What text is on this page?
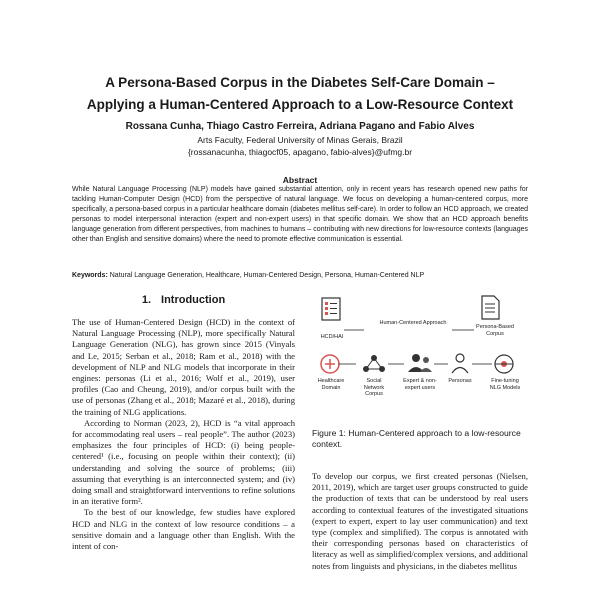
A Persona-Based Corpus in the Diabetes Self-Care Domain –
Applying a Human-Centered Approach to a Low-Resource Context
Rossana Cunha, Thiago Castro Ferreira, Adriana Pagano and Fabio Alves
Arts Faculty, Federal University of Minas Gerais, Brazil
{rossanacunha, thiagocf05, apagano, fabio-alves}@ufmg.br
Abstract
While Natural Language Processing (NLP) models have gained substantial attention, only in recent years has research opened new paths for tackling Human-Computer Design (HCD) from the perspective of natural language. We focus on developing a human-centered corpus, more specifically, a persona-based corpus in a particular healthcare domain (diabetes mellitus self-care). In order to follow an HCD approach, we created personas to model interpersonal interaction (expert and non-expert users) in that specific domain. We show that an HCD approach benefits language generation from different perspectives, from machines to humans – contributing with new directions for low-resource contexts (languages other than English and sensitive domains) where the need to promote effective communication is essential.
Keywords: Natural Language Generation, Healthcare, Human-Centered Design, Persona, Human-Centered NLP
1. Introduction

The use of Human-Centered Design (HCD) in the context of Natural Language Processing (NLP), more specifically Natural Language Generation (NLG), has grown since 2015 (Vinyals and Le, 2015; Serban et al., 2018; Ram et al., 2018) with the development of NLP and NLG models that incorporate in their engines: personas (Li et al., 2016; Wolf et al., 2019), user profiles (Cao and Cheung, 2019), and/or corpus built with the use of personas (Zhang et al., 2018; Mazaré et al., 2018), during the training of NLG applications.

According to Norman (2023, 2), HCD is “a vital approach for accommodating real users – real people”. The author (2023) emphasizes the four principles of HCD: (i) being people-centered¹ (i.e., focusing on people within their context); (ii) understanding and solving the source of problems; (iii) assuming that everything is an interconnected system; and (iv) doing small and straightforward interventions to refine solutions in an iterative form².

To the best of our knowledge, few studies have explored HCD and NLG in the context of low resource conditions – a sensitive domain and a language other than English. With the intent of con-

HCD/HAI
Human-Centered Approach
Persona-Based Corpus
Healthcare Domain
Social Network Corpus
Expert & non-expert users
Personas	Fine-tuning
NLG Models
Figure 1: Human-Centered approach to a low-resource context.

To develop our corpus, we first created personas (Nielsen, 2011, 2019), which are target user groups constructed to guide the production of texts that can be understood by real users according to contextual features of the investigated situations (expert to expert, expert to lay user communication) and text type (complex and simplified). The corpus is annotated with their corresponding personas based on characteristics of literacy as well as simplified/complex versions, and additional notes from linguists and physicians, in the diabetes mellitus
